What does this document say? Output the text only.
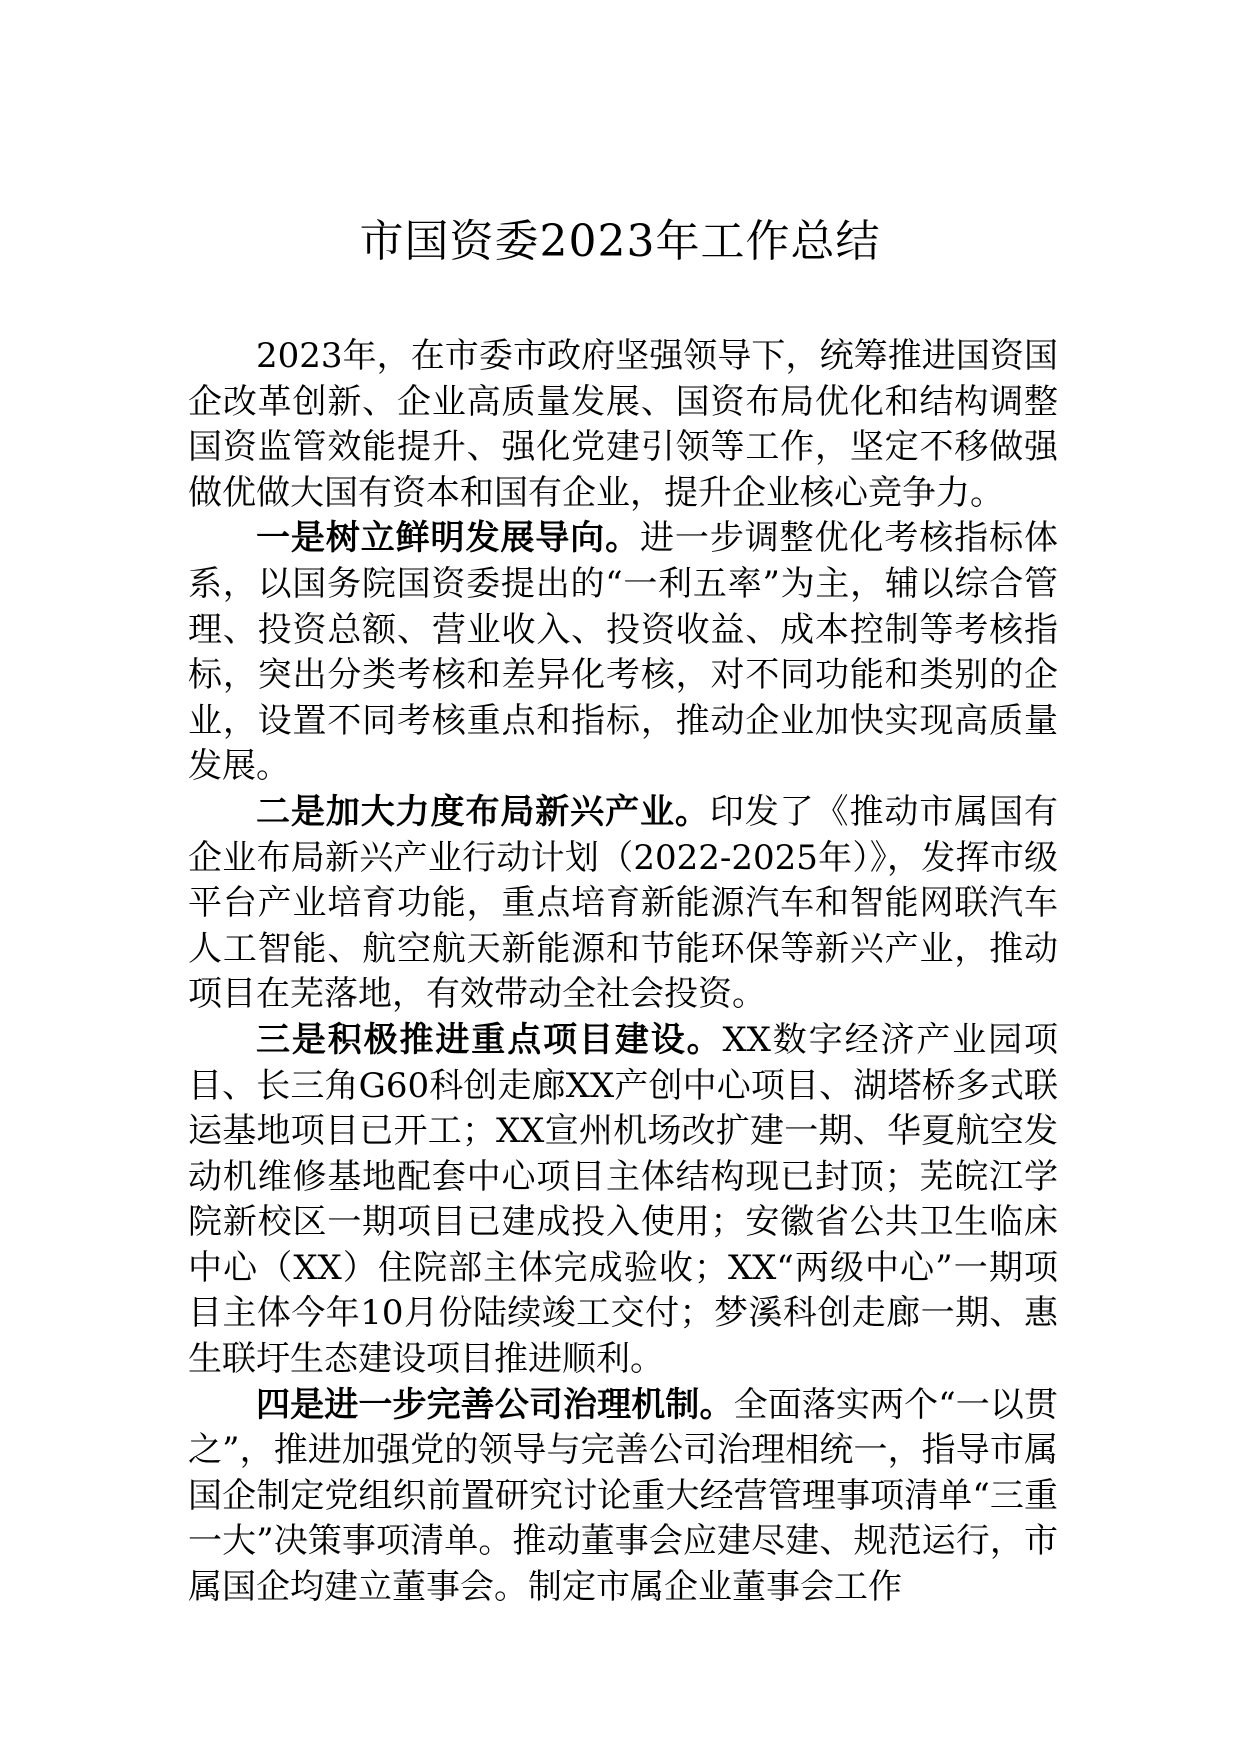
市国资委2023年工作总结

2023年，在市委市政府坚强领导下，统筹推进国资国企改革创新、企业高质量发展、国资布局优化和结构调整国资监管效能提升、强化党建引领等工作，坚定不移做强做优做大国有资本和国有企业，提升企业核心竞争力。

一是树立鲜明发展导向。进一步调整优化考核指标体系，以国务院国资委提出的“一利五率”为主，辅以综合管理、投资总额、营业收入、投资收益、成本控制等考核指标，突出分类考核和差异化考核，对不同功能和类别的企业，设置不同考核重点和指标，推动企业加快实现高质量发展。

二是加大力度布局新兴产业。印发了《推动市属国有企业布局新兴产业行动计划（2022-2025年）》，发挥市级平台产业培育功能，重点培育新能源汽车和智能网联汽车人工智能、航空航天新能源和节能环保等新兴产业，推动项目在芜落地，有效带动全社会投资。

三是积极推进重点项目建设。XX数字经济产业园项目、长三角G60科创走廊XX产创中心项目、湖塔桥多式联运基地项目已开工；XX宣州机场改扩建一期、华夏航空发动机维修基地配套中心项目主体结构现已封顶；芜皖江学院新校区一期项目已建成投入使用；安徽省公共卫生临床中心（XX）住院部主体完成验收；XX“两级中心”一期项目主体今年10月份陆续竣工交付；梦溪科创走廊一期、惠生联圩生态建设项目推进顺利。

四是进一步完善公司治理机制。全面落实两个“一以贯之”，推进加强党的领导与完善公司治理相统一，指导市属国企制定党组织前置研究讨论重大经营管理事项清单“三重一大”决策事项清单。推动董事会应建尽建、规范运行，市属国企均建立董事会。制定市属企业董事会工作
